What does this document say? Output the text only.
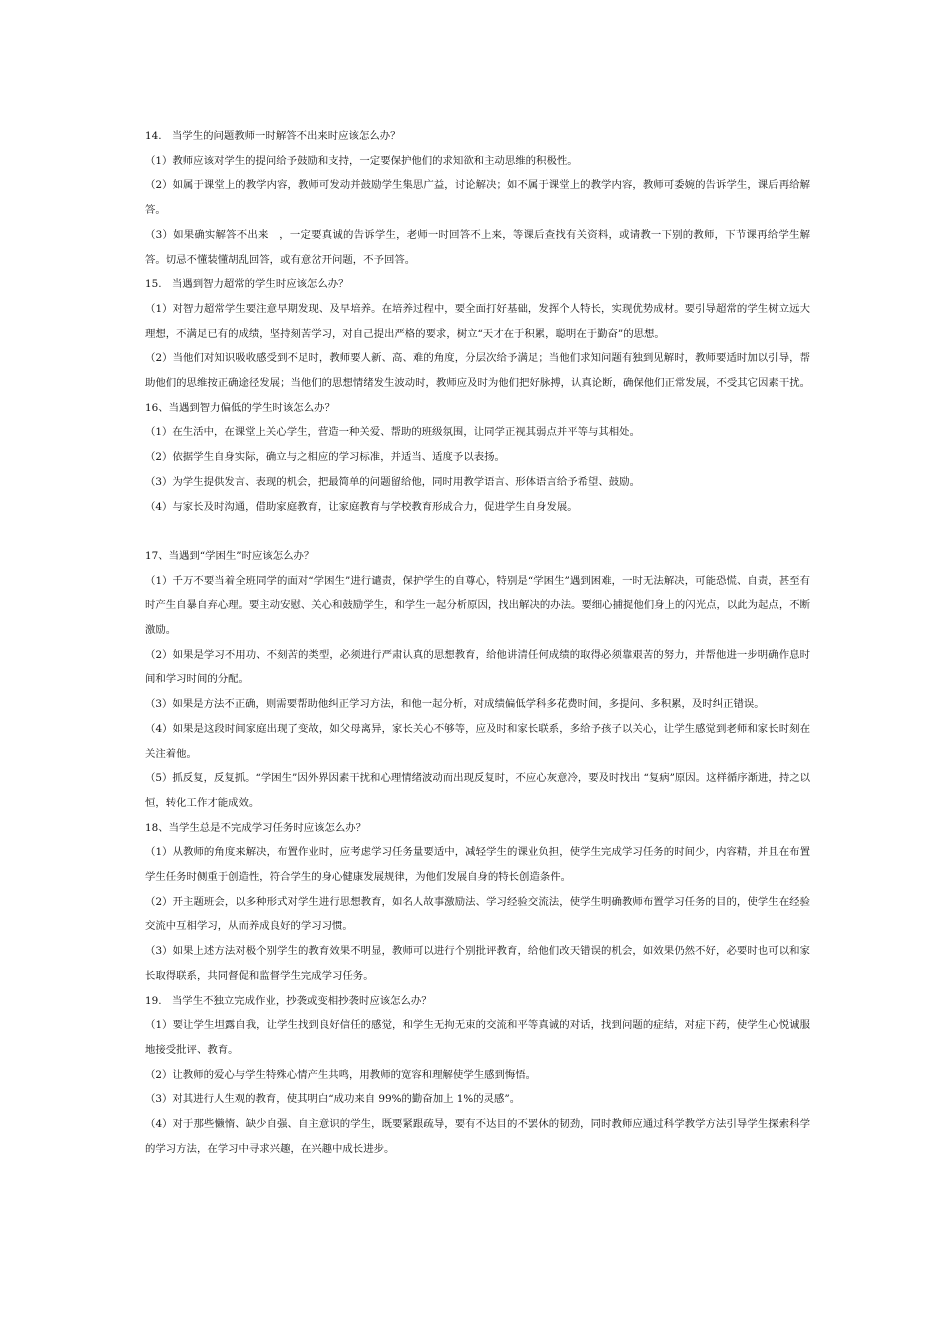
14.　当学生的问题教师一时解答不出来时应该怎么办？

（1）教师应该对学生的提问给予鼓励和支持，一定要保护他们的求知欲和主动思维的积极性。

（2）如属于课堂上的教学内容，教师可发动并鼓励学生集思广益，讨论解决；如不属于课堂上的教学内容，教师可委婉的告诉学生，课后再给解答。

（3）如果确实解答不出来　，一定要真诚的告诉学生，老师一时回答不上来，等课后查找有关资料，或请教一下别的教师，下节课再给学生解答。切忌不懂装懂胡乱回答，或有意岔开问题，不予回答。

15.　当遇到智力超常的学生时应该怎么办？

（1）对智力超常学生要注意早期发现、及早培养。在培养过程中，要全面打好基础，发挥个人特长，实现优势成材。要引导超常的学生树立远大理想，不满足已有的成绩，坚持刻苦学习，对自己提出严格的要求，树立“天才在于积累，聪明在于勤奋”的思想。

（2）当他们对知识吸收感受到不足时，教师要人新、高、难的角度，分层次给予满足；当他们求知问题有独到见解时，教师要适时加以引导，帮助他们的思维按正确途径发展；当他们的思想情绪发生波动时，教师应及时为他们把好脉搏，认真论断，确保他们正常发展，不受其它因素干扰。

16、当遇到智力偏低的学生时该怎么办？

（1）在生活中，在课堂上关心学生，营造一种关爱、帮助的班级氛围，让同学正视其弱点并平等与其相处。

（2）依据学生自身实际，确立与之相应的学习标准，并适当、适度予以表扬。

（3）为学生提供发言、表现的机会，把最简单的问题留给他，同时用教学语言、形体语言给予希望、鼓励。

（4）与家长及时沟通，借助家庭教育，让家庭教育与学校教育形成合力，促进学生自身发展。

17、当遇到“学困生”时应该怎么办？

（1）千万不要当着全班同学的面对“学困生”进行谴责，保护学生的自尊心，特别是“学困生”遇到困难，一时无法解决，可能恐慌、自责，甚至有时产生自暴自弃心理。要主动安慰、关心和鼓励学生，和学生一起分析原因，找出解决的办法。要细心捕捉他们身上的闪光点，以此为起点，不断激励。

（2）如果是学习不用功、不刻苦的类型，必须进行严肃认真的思想教育，给他讲清任何成绩的取得必须靠艰苦的努力，并帮他进一步明确作息时间和学习时间的分配。

（3）如果是方法不正确，则需要帮助他纠正学习方法，和他一起分析，对成绩偏低学科多花费时间，多提问、多积累，及时纠正错误。

（4）如果是这段时间家庭出现了变故，如父母离异，家长关心不够等，应及时和家长联系，多给予孩子以关心，让学生感觉到老师和家长时刻在关注着他。

（5）抓反复，反复抓。“学困生”因外界因素干扰和心理情绪波动而出现反复时，不应心灰意冷，要及时找出 “复病”原因。这样循序渐进，持之以恒，转化工作才能成效。

18、当学生总是不完成学习任务时应该怎么办？

（1）从教师的角度来解决，布置作业时，应考虑学习任务量要适中，减轻学生的课业负担，使学生完成学习任务的时间少，内容精，并且在布置学生任务时侧重于创造性，符合学生的身心健康发展规律，为他们发展自身的特长创造条件。

（2）开主题班会，以多种形式对学生进行思想教育，如名人故事激励法、学习经验交流法，使学生明确教师布置学习任务的目的，使学生在经验交流中互相学习，从而养成良好的学习习惯。

（3）如果上述方法对极个别学生的教育效果不明显，教师可以进行个别批评教育，给他们改天错误的机会，如效果仍然不好，必要时也可以和家长取得联系，共同督促和监督学生完成学习任务。

19.　当学生不独立完成作业，抄袭或变相抄袭时应该怎么办？

（1）要让学生坦露自我，让学生找到良好信任的感觉，和学生无拘无束的交流和平等真诚的对话，找到问题的症结，对症下药，使学生心悦诚服地接受批评、教育。

（2）让教师的爱心与学生特殊心情产生共鸣，用教师的宽容和理解使学生感到悔悟。

（3）对其进行人生观的教育，使其明白“成功来自 99%的勤奋加上 1%的灵感”。

（4）对于那些懒惰、缺少自强、自主意识的学生，既要紧跟疏导，要有不达目的不罢休的韧劲，同时教师应通过科学教学方法引导学生探索科学的学习方法，在学习中寻求兴趣，在兴趣中成长进步。
